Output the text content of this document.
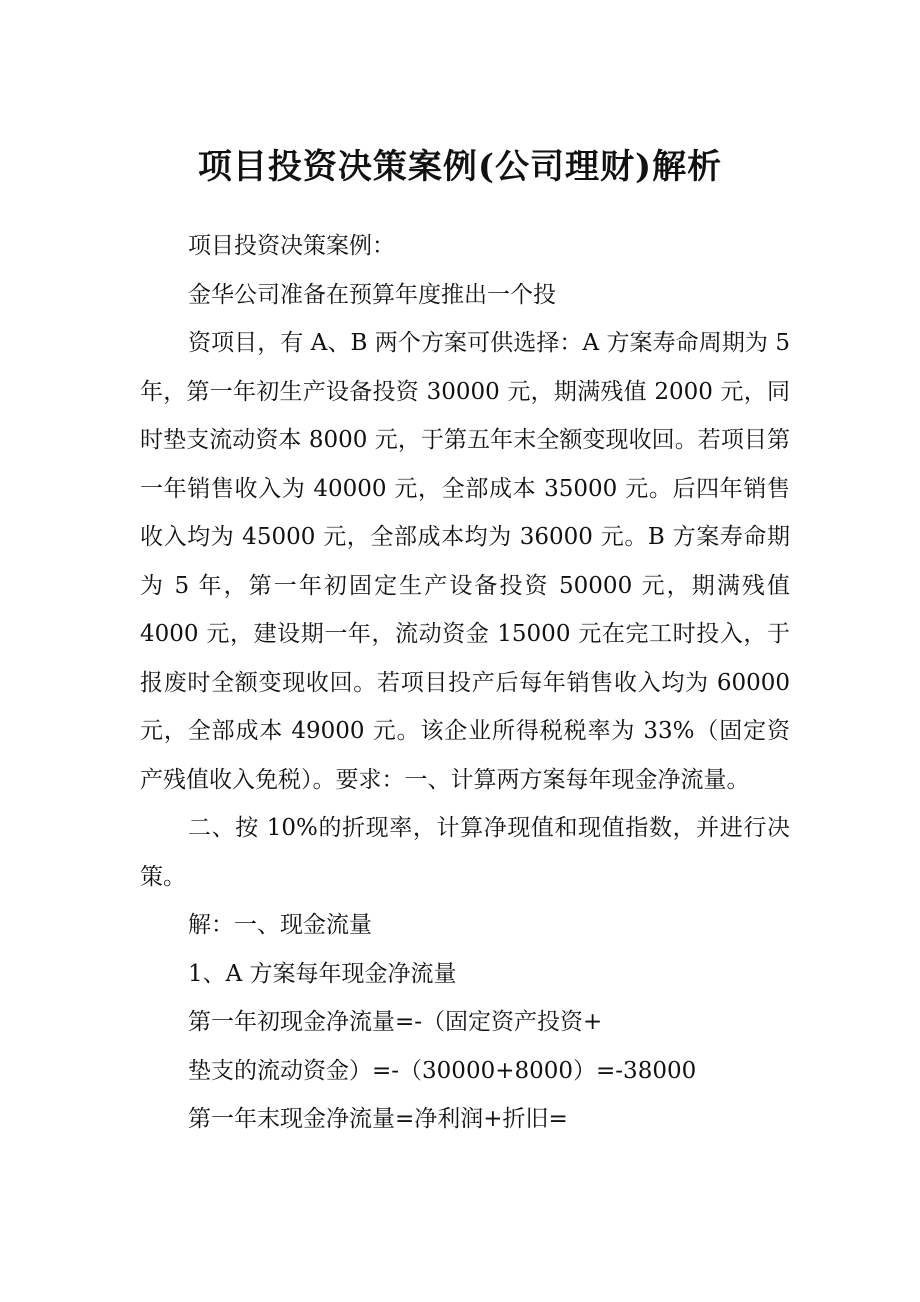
项目投资决策案例(公司理财)解析

项目投资决策案例：

金华公司准备在预算年度推出一个投

资项目，有 A、B 两个方案可供选择：A 方案寿命周期为 5 年，第一年初生产设备投资 30000 元，期满残值 2000 元，同时垫支流动资本 8000 元，于第五年末全额变现收回。若项目第一年销售收入为 40000 元，全部成本 35000 元。后四年销售收入均为 45000 元，全部成本均为 36000 元。B 方案寿命期为 5 年，第一年初固定生产设备投资 50000 元，期满残值 4000 元，建设期一年，流动资金 15000 元在完工时投入，于报废时全额变现收回。若项目投产后每年销售收入均为 60000 元，全部成本 49000 元。该企业所得税税率为 33%（固定资产残值收入免税）。要求：一、计算两方案每年现金净流量。

二、按 10%的折现率，计算净现值和现值指数，并进行决策。

解：一、现金流量

1、A 方案每年现金净流量

第一年初现金净流量=-（固定资产投资+

垫支的流动资金）=-（30000+8000）=-38000

第一年末现金净流量=净利润+折旧=
